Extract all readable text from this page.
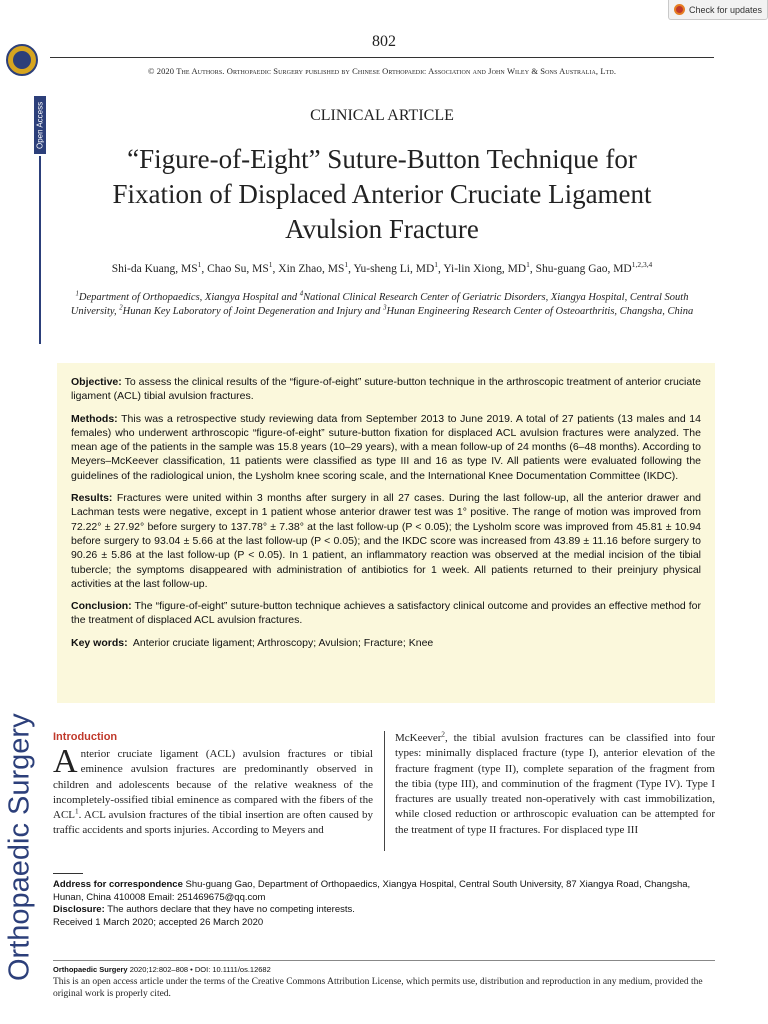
Open Access
Orthopaedic Surgery
Check for updates
802
© 2020 The Authors. Orthopaedic Surgery published by Chinese Orthopaedic Association and John Wiley & Sons Australia, Ltd.
CLINICAL ARTICLE
“Figure-of-Eight” Suture-Button Technique for
Fixation of Displaced Anterior Cruciate Ligament
Avulsion Fracture
Shi-da Kuang, $MS^1$, Chao Su, $MS^1$, Xin Zhao, $MS^1$, Yu-sheng Li, $MD^1$, Yi-lin Xiong, $MD^1$, Shu-guang Gao, MD$^{1,2,3,4}$
$^1$Department of Orthopaedics, Xiangya Hospital and $^4$National Clinical Research Center of Geriatric Disorders, Xiangya Hospital, Central South University, $^2$Hunan Key Laboratory of Joint Degeneration and Injury and $^3$Hunan Engineering Research Center of Osteoarthritis, Changsha, China

Objective: To assess the clinical results of the “figure-of-eight” suture-button technique in the arthroscopic treatment of anterior cruciate ligament (ACL) tibial avulsion fractures.

Methods: This was a retrospective study reviewing data from September 2013 to June 2019. A total of 27 patients (13 males and 14 females) who underwent arthroscopic “figure-of-eight” suture-button fixation for displaced ACL avulsion fractures were analyzed. The mean age of the patients in the sample was 15.8 years (10–29 years), with a mean follow-up of 24 months (6–48 months). According to Meyers–McKeever classification, 11 patients were classified as type III and 16 as type IV. All patients were evaluated following the guidelines of the radiological union, the Lysholm knee scoring scale, and the International Knee Documentation Committee (IKDC).

Results: Fractures were united within 3 months after surgery in all 27 cases. During the last follow-up, all the anterior drawer and Lachman tests were negative, except in 1 patient whose anterior drawer test was 1° positive. The range of motion was improved from 72.22° ± 27.92° before surgery to 137.78° ± 7.38° at the last follow-up (P < 0.05); the Lysholm score was improved from 45.81 ± 10.94 before surgery to 93.04 ± 5.66 at the last follow-up (P < 0.05); and the IKDC score was increased from 43.89 ± 11.16 before surgery to 90.26 ± 5.86 at the last follow-up (P < 0.05). In 1 patient, an inflammatory reaction was observed at the medial incision of the tibial tubercle; the symptoms disappeared with administration of antibiotics for 1 week. All patients returned to their preinjury physical activities at the last follow-up.

Conclusion: The “figure-of-eight” suture-button technique achieves a satisfactory clinical outcome and provides an effective method for the treatment of displaced ACL avulsion fractures.

Key words: Anterior cruciate ligament; Arthroscopy; Avulsion; Fracture; Knee

Introduction
Anterior cruciate ligament (ACL) avulsion fractures or tibial eminence avulsion fractures are predominantly observed in children and adolescents because of the relative weakness of the incompletely-ossified tibial eminence as compared with the fibers of the ACL$^1$. ACL avulsion fractures of the tibial insertion are often caused by traffic accidents and sports injuries. According to Meyers and
McKeever$^2$, the tibial avulsion fractures can be classified into four types: minimally displaced fracture (type I), anterior elevation of the fracture fragment (type II), complete separation of the fragment from the tibia (type III), and comminution of the fragment (Type IV). Type I fractures are usually treated non-operatively with cast immobilization, while closed reduction or arthroscopic evaluation can be attempted for the treatment of type II fractures. For displaced type III
Address for correspondence Shu-guang Gao, Department of Orthopaedics, Xiangya Hospital, Central South University, 87 Xiangya Road, Changsha, Hunan, China 410008 Email: 251469675@qq.com
Disclosure: The authors declare that they have no competing interests.
Received 1 March 2020; accepted 26 March 2020
Orthopaedic Surgery 2020;12:802–808 • DOI: 10.1111/os.12682
This is an open access article under the terms of the Creative Commons Attribution License, which permits use, distribution and reproduction in any medium, provided the original work is properly cited.
